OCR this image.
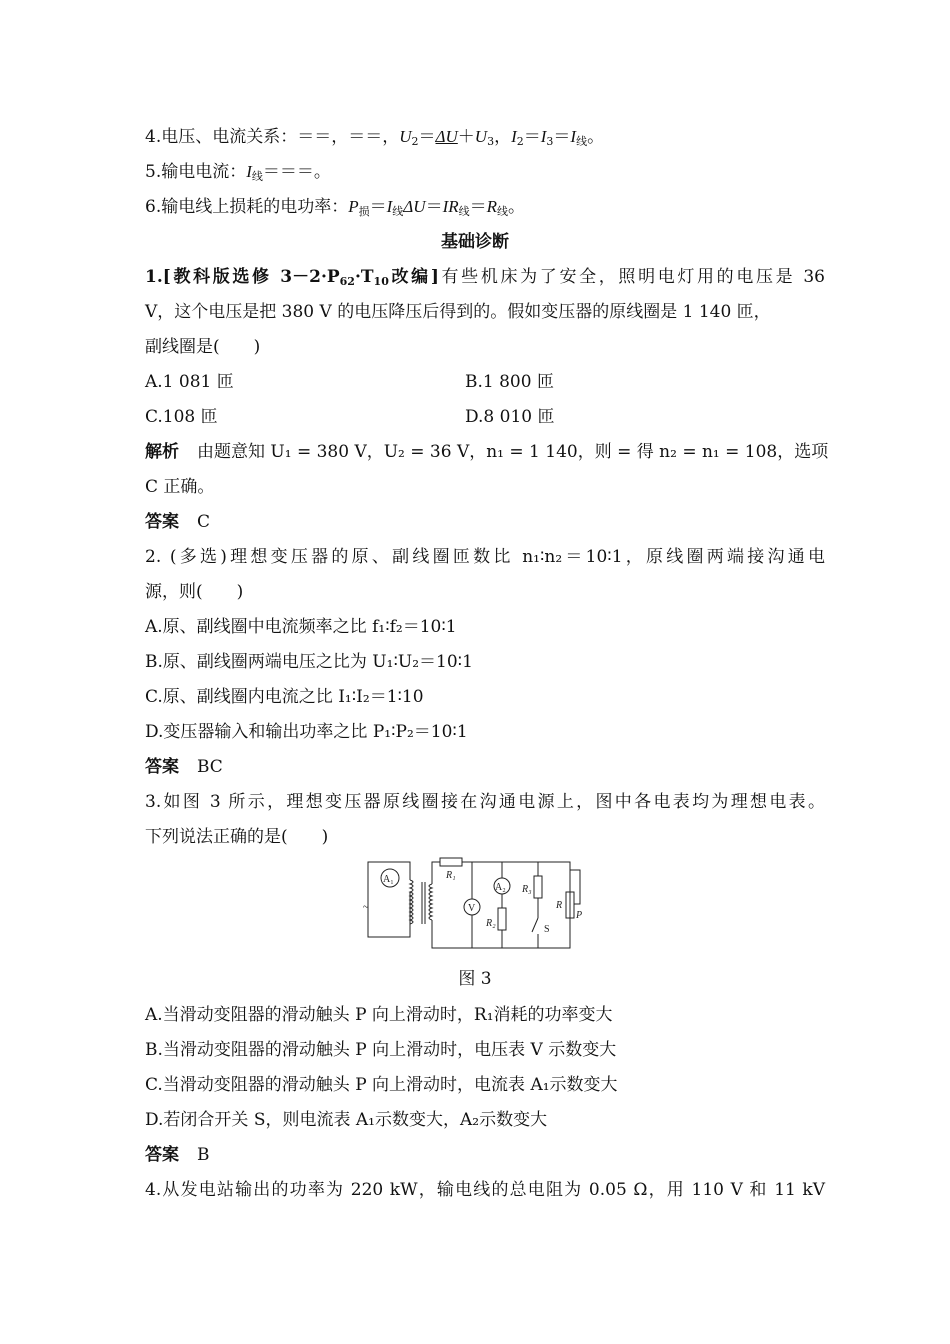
4.电压、电流关系：＝＝，＝＝，$U_2=\Delta U+U_3$，$I_2=I_3=I$线。
5.输电电流：I线＝＝＝。
6.输电线上损耗的电功率：P损＝I线ΔU＝IR线＝R线。
基础诊断
1.[教科版选修 $3-2\cdot P_{62}\cdot T_{10}$改编]有些机床为了安全，照明电灯用的电压是 36
V，这个电压是把 380 V 的电压降压后得到的。假如变压器的原线圈是 1 140 匝，
副线圈是(　　)
A.1 081 匝	B.1 800 匝
C.108 匝	D.8 010 匝
解析 由题意知 U₁ = 380 V，U₂ = 36 V，n₁ = 1 140，则 = 得 n₂ = n₁ = 108，选项
C 正确。
答案 C
2. (多选)理想变压器的原、副线圈匝数比 n₁∶n₂＝10∶1，原线圈两端接沟通电
源，则(　　)
A.原、副线圈中电流频率之比 f₁∶f₂＝10∶1
B.原、副线圈两端电压之比为 U₁∶U₂＝10∶1
C.原、副线圈内电流之比 I₁∶I₂＝1∶10
D.变压器输入和输出功率之比 P₁∶P₂＝10∶1
答案 BC
3.如图 3 所示，理想变压器原线圈接在沟通电源上，图中各电表均为理想电表。
下列说法正确的是(　　)
A₁	R₁
V
A₂
R₂
R₃
S
R
P
~
图 3
A.当滑动变阻器的滑动触头 P 向上滑动时，R₁消耗的功率变大
B.当滑动变阻器的滑动触头 P 向上滑动时，电压表 V 示数变大
C.当滑动变阻器的滑动触头 P 向上滑动时，电流表 A₁示数变大
D.若闭合开关 S，则电流表 A₁示数变大，A₂示数变大
答案 B
4.从发电站输出的功率为 220 kW，输电线的总电阻为 0.05 Ω，用 110 V 和 11 kV
